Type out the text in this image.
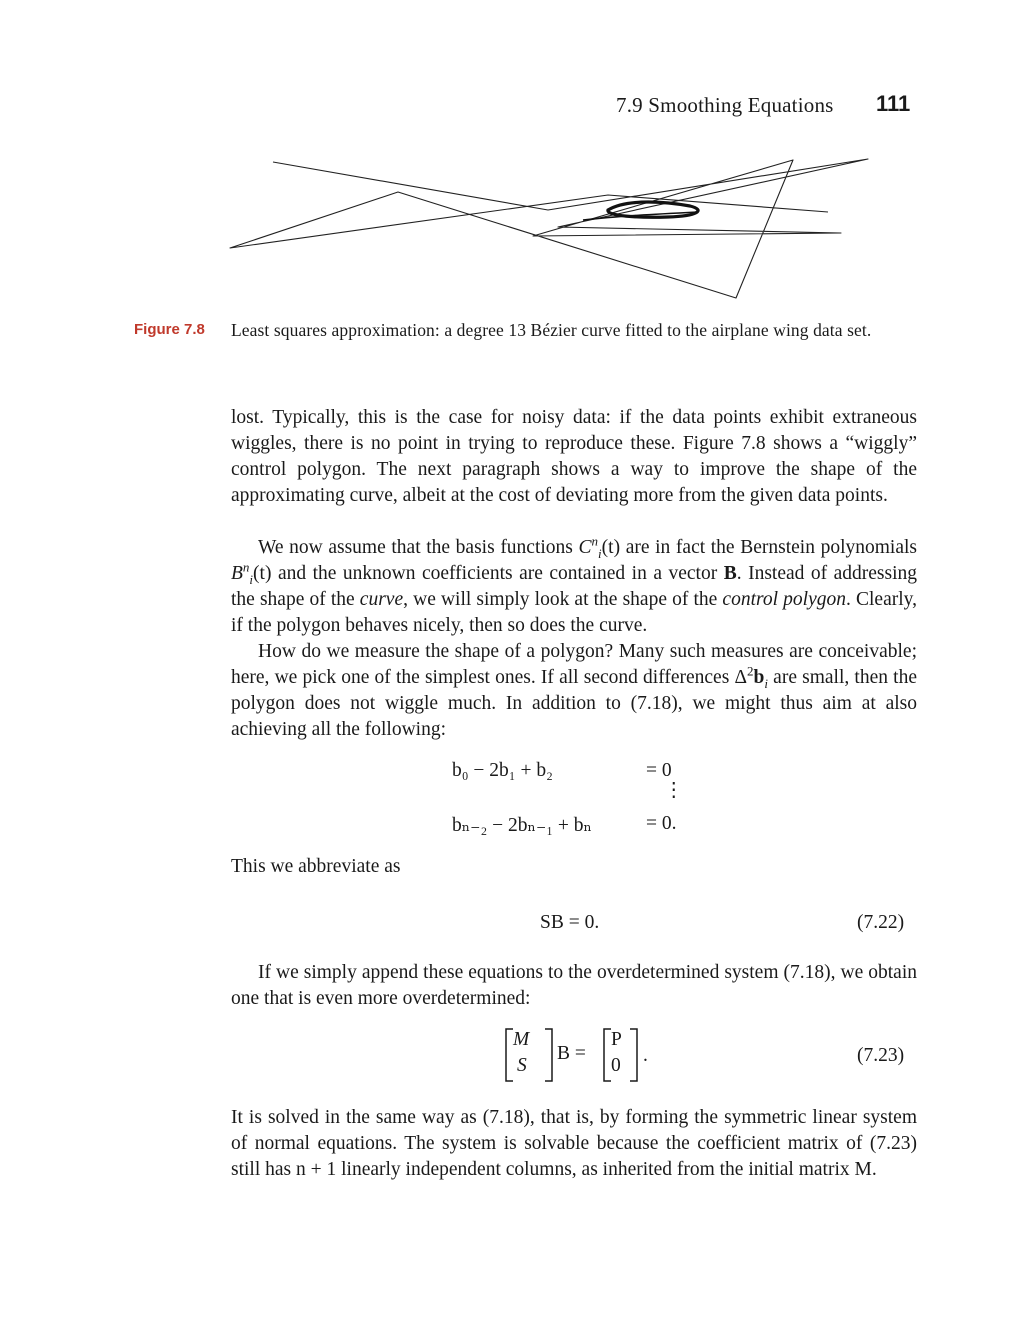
7.9 Smoothing Equations 111
Figure 7.8 Least squares approximation: a degree 13 Bézier curve fitted to the airplane wing data set.
lost. Typically, this is the case for noisy data: if the data points exhibit extraneous wiggles, there is no point in trying to reproduce these. Figure 7.8 shows a “wiggly” control polygon. The next paragraph shows a way to improve the shape of the approximating curve, albeit at the cost of deviating more from the given data points.
We now assume that the basis functions $C^n_i(t)$ are in fact the Bernstein polynomials $B^n_i(t)$ and the unknown coefficients are contained in a vector B. Instead of addressing the shape of the curve, we will simply look at the shape of the control polygon. Clearly, if the polygon behaves nicely, then so does the curve.
How do we measure the shape of a polygon? Many such measures are conceivable; here, we pick one of the simplest ones. If all second differences $\Delta^2b_i$ are small, then the polygon does not wiggle much. In addition to (7.18), we might thus aim at also achieving all the following:
b₀ − 2b₁ + b₂	= 0
⋮
bₙ₋₂ − 2bₙ₋₁ + bₙ	= 0.
This we abbreviate as
SB = 0.	(7.22)
If we simply append these equations to the overdetermined system (7.18), we obtain one that is even more overdetermined:
M
S
B =
P
0 .	(7.23)
It is solved in the same way as (7.18), that is, by forming the symmetric linear system of normal equations. The system is solvable because the coefficient matrix of (7.23) still has n + 1 linearly independent columns, as inherited from the initial matrix M.
